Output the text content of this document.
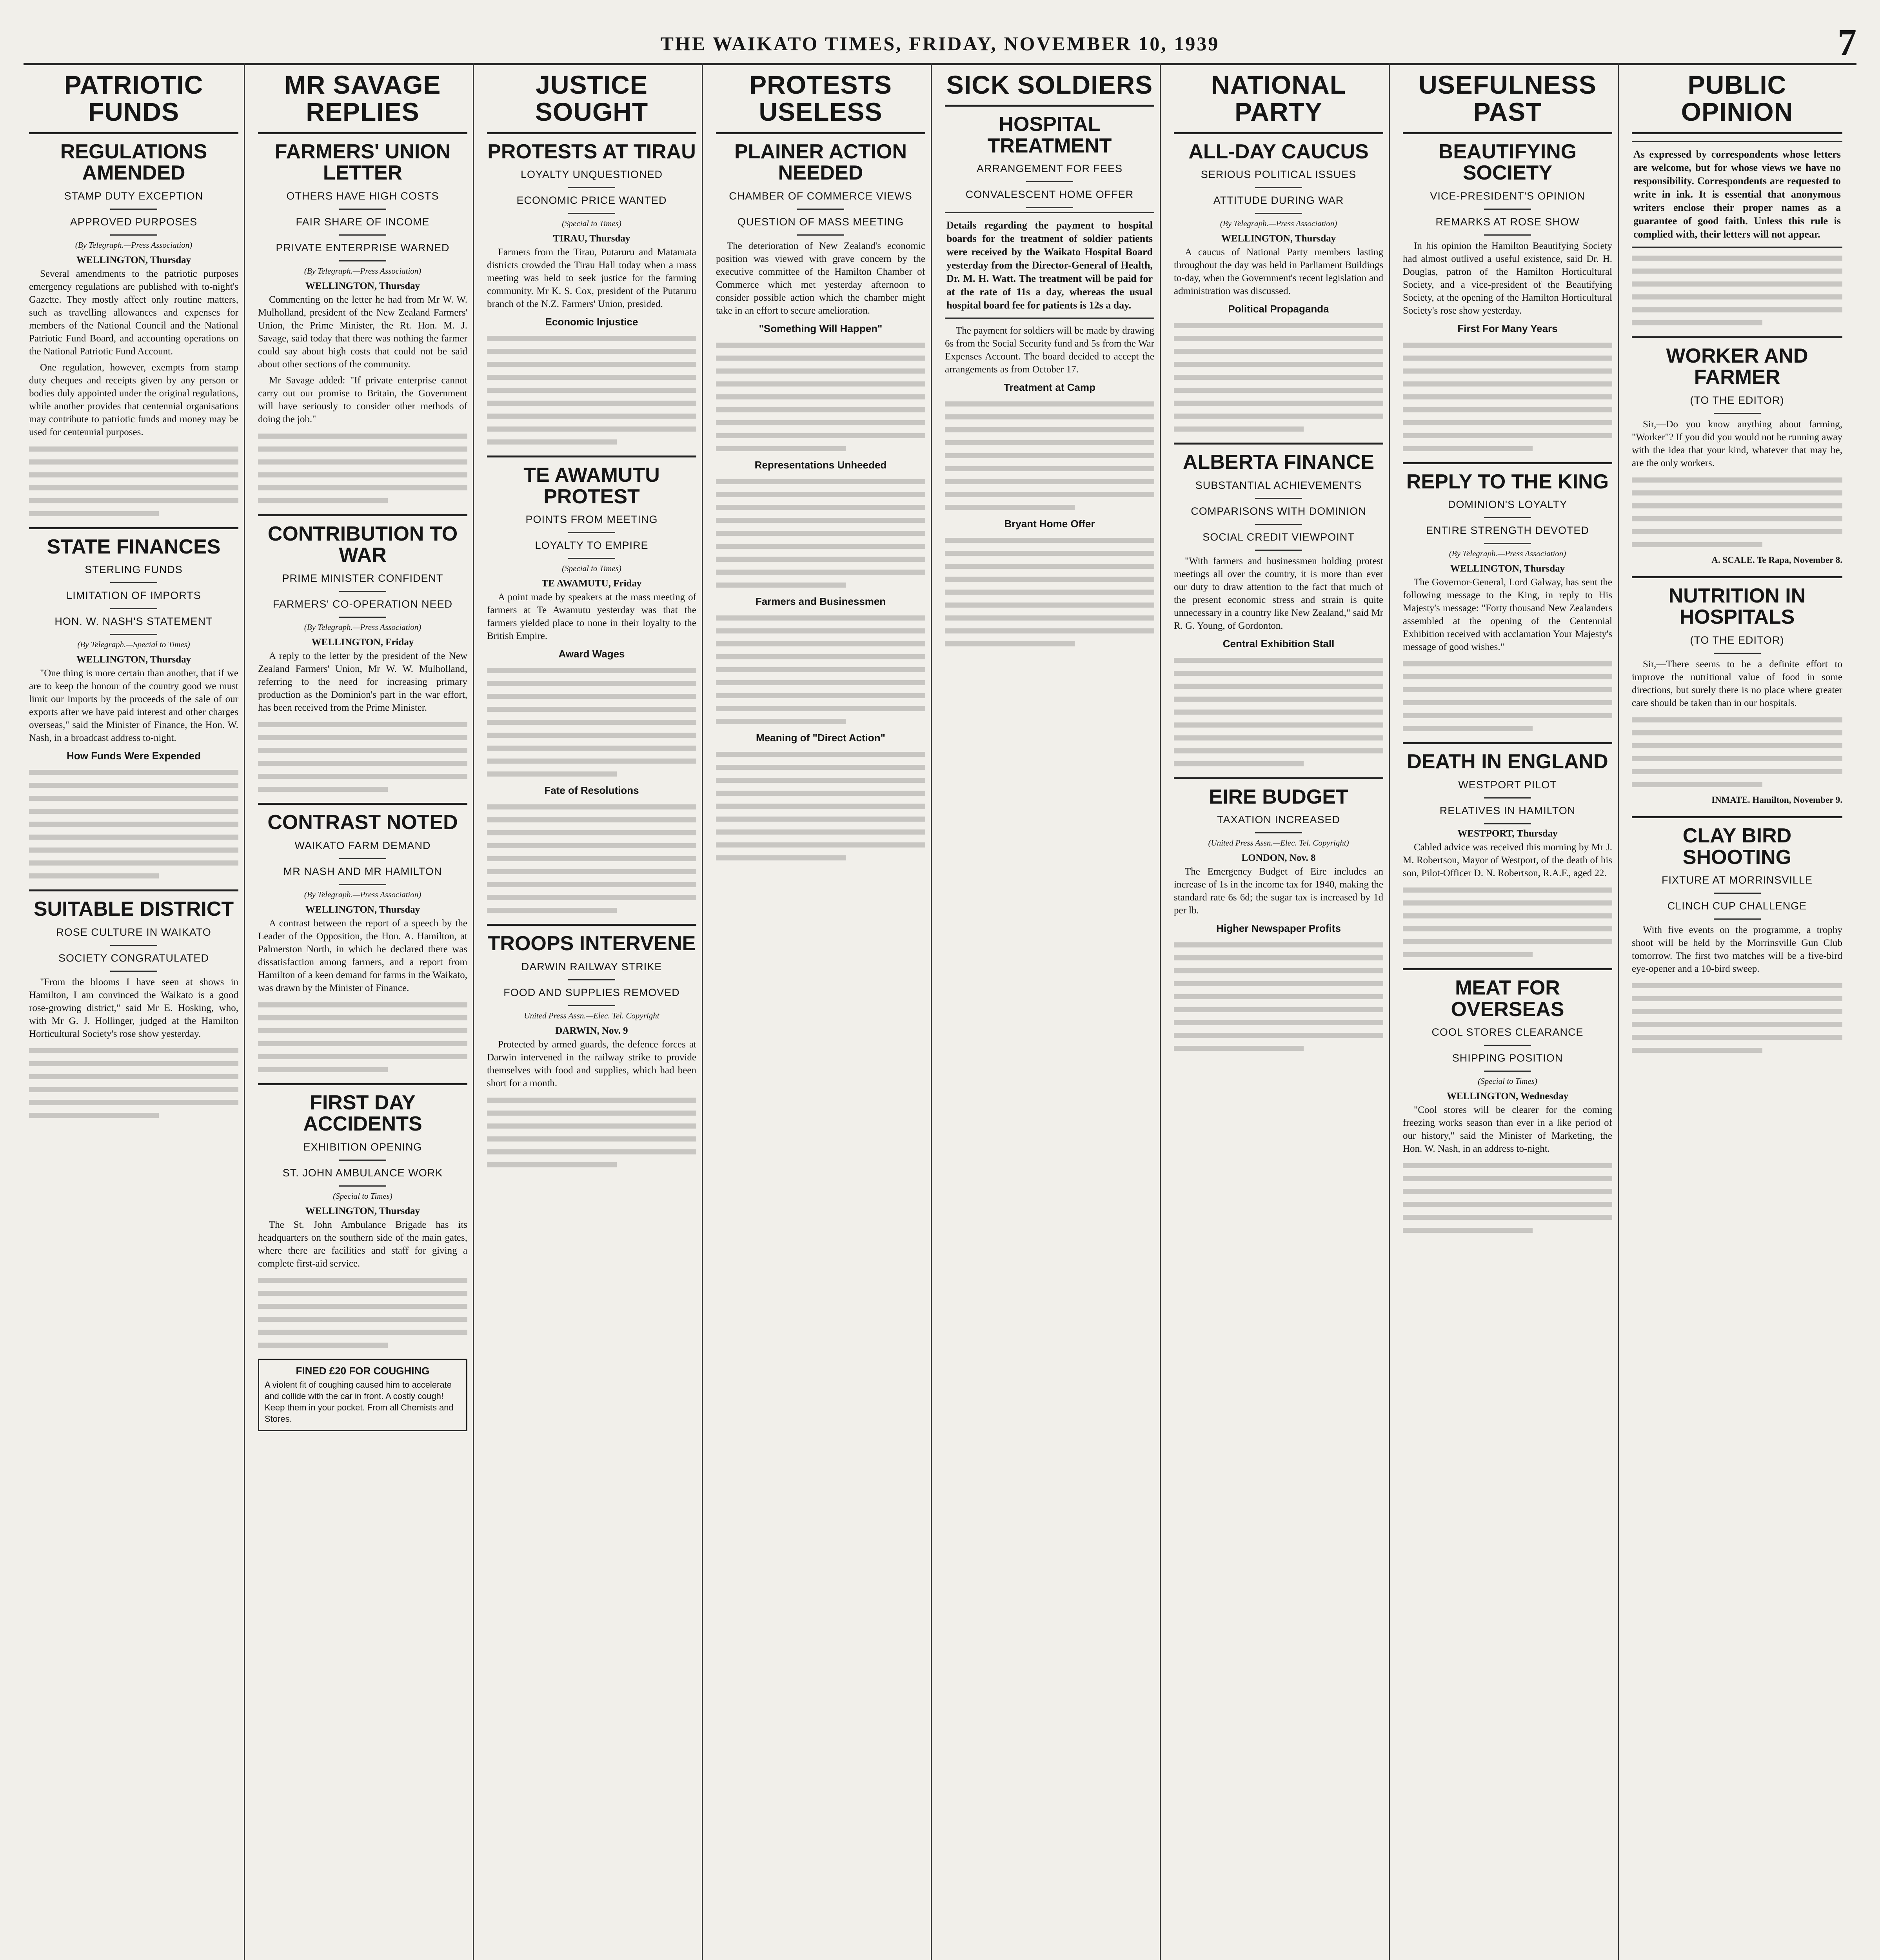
THE WAIKATO TIMES, FRIDAY, NOVEMBER 10, 1939	7
PATRIOTIC FUNDS
REGULATIONS AMENDED
STAMP DUTY EXCEPTION
APPROVED PURPOSES
(By Telegraph.—Press Association)
WELLINGTON, Thursday

Several amendments to the patriotic purposes emergency regulations are published with to-night's Gazette. They mostly affect only routine matters, such as travelling allowances and expenses for members of the National Council and the National Patriotic Fund Board, and accounting operations on the National Patriotic Fund Account.

One regulation, however, exempts from stamp duty cheques and receipts given by any person or bodies duly appointed under the original regulations, while another provides that centennial organisations may contribute to patriotic funds and money may be used for centennial purposes.

STATE FINANCES
STERLING FUNDS
LIMITATION OF IMPORTS
HON. W. NASH'S STATEMENT
(By Telegraph.—Special to Times)
WELLINGTON, Thursday

"One thing is more certain than another, that if we are to keep the honour of the country good we must limit our imports by the proceeds of the sale of our exports after we have paid interest and other charges overseas," said the Minister of Finance, the Hon. W. Nash, in a broadcast address to-night.

How Funds Were Expended
SUITABLE DISTRICT
ROSE CULTURE IN WAIKATO
SOCIETY CONGRATULATED

"From the blooms I have seen at shows in Hamilton, I am convinced the Waikato is a good rose-growing district," said Mr E. Hosking, who, with Mr G. J. Hollinger, judged at the Hamilton Horticultural Society's rose show yesterday.

MR SAVAGE REPLIES
FARMERS' UNION LETTER
OTHERS HAVE HIGH COSTS
FAIR SHARE OF INCOME
PRIVATE ENTERPRISE WARNED
(By Telegraph.—Press Association)
WELLINGTON, Thursday

Commenting on the letter he had from Mr W. W. Mulholland, president of the New Zealand Farmers' Union, the Prime Minister, the Rt. Hon. M. J. Savage, said today that there was nothing the farmer could say about high costs that could not be said about other sections of the community.

Mr Savage added: "If private enterprise cannot carry out our promise to Britain, the Government will have seriously to consider other methods of doing the job."

CONTRIBUTION TO WAR
PRIME MINISTER CONFIDENT
FARMERS' CO-OPERATION NEED
(By Telegraph.—Press Association)
WELLINGTON, Friday

A reply to the letter by the president of the New Zealand Farmers' Union, Mr W. W. Mulholland, referring to the need for increasing primary production as the Dominion's part in the war effort, has been received from the Prime Minister.

CONTRAST NOTED
WAIKATO FARM DEMAND
MR NASH AND MR HAMILTON
(By Telegraph.—Press Association)
WELLINGTON, Thursday

A contrast between the report of a speech by the Leader of the Opposition, the Hon. A. Hamilton, at Palmerston North, in which he declared there was dissatisfaction among farmers, and a report from Hamilton of a keen demand for farms in the Waikato, was drawn by the Minister of Finance.

FIRST DAY ACCIDENTS
EXHIBITION OPENING
ST. JOHN AMBULANCE WORK
(Special to Times)
WELLINGTON, Thursday

The St. John Ambulance Brigade has its headquarters on the southern side of the main gates, where there are facilities and staff for giving a complete first-aid service.

FINED £20 FOR COUGHING
A violent fit of coughing caused him to accelerate and collide with the car in front. A costly cough! Keep them in your pocket. From all Chemists and Stores.
JUSTICE SOUGHT
PROTESTS AT TIRAU
LOYALTY UNQUESTIONED
ECONOMIC PRICE WANTED
(Special to Times)
TIRAU, Thursday

Farmers from the Tirau, Putaruru and Matamata districts crowded the Tirau Hall today when a mass meeting was held to seek justice for the farming community. Mr K. S. Cox, president of the Putaruru branch of the N.Z. Farmers' Union, presided.

Economic Injustice
TE AWAMUTU PROTEST
POINTS FROM MEETING
LOYALTY TO EMPIRE
(Special to Times)
TE AWAMUTU, Friday

A point made by speakers at the mass meeting of farmers at Te Awamutu yesterday was that the farmers yielded place to none in their loyalty to the British Empire.

Award Wages
Fate of Resolutions
TROOPS INTERVENE
DARWIN RAILWAY STRIKE
FOOD AND SUPPLIES REMOVED
United Press Assn.—Elec. Tel. Copyright
DARWIN, Nov. 9

Protected by armed guards, the defence forces at Darwin intervened in the railway strike to provide themselves with food and supplies, which had been short for a month.

PROTESTS USELESS
PLAINER ACTION NEEDED
CHAMBER OF COMMERCE VIEWS
QUESTION OF MASS MEETING

The deterioration of New Zealand's economic position was viewed with grave concern by the executive committee of the Hamilton Chamber of Commerce which met yesterday afternoon to consider possible action which the chamber might take in an effort to secure amelioration.

"Something Will Happen"
Representations Unheeded
Farmers and Businessmen
Meaning of "Direct Action"
SICK SOLDIERS
HOSPITAL TREATMENT
ARRANGEMENT FOR FEES
CONVALESCENT HOME OFFER
Details regarding the payment to hospital boards for the treatment of soldier patients were received by the Waikato Hospital Board yesterday from the Director-General of Health, Dr. M. H. Watt. The treatment will be paid for at the rate of 11s a day, whereas the usual hospital board fee for patients is 12s a day.

The payment for soldiers will be made by drawing 6s from the Social Security fund and 5s from the War Expenses Account. The board decided to accept the arrangements as from October 17.

Treatment at Camp
Bryant Home Offer
NATIONAL PARTY
ALL-DAY CAUCUS
SERIOUS POLITICAL ISSUES
ATTITUDE DURING WAR
(By Telegraph.—Press Association)
WELLINGTON, Thursday

A caucus of National Party members lasting throughout the day was held in Parliament Buildings to-day, when the Government's recent legislation and administration was discussed.

Political Propaganda
ALBERTA FINANCE
SUBSTANTIAL ACHIEVEMENTS
COMPARISONS WITH DOMINION
SOCIAL CREDIT VIEWPOINT

"With farmers and businessmen holding protest meetings all over the country, it is more than ever our duty to draw attention to the fact that much of the present economic stress and strain is quite unnecessary in a country like New Zealand," said Mr R. G. Young, of Gordonton.

Central Exhibition Stall
EIRE BUDGET
TAXATION INCREASED
(United Press Assn.—Elec. Tel. Copyright)
LONDON, Nov. 8

The Emergency Budget of Eire includes an increase of 1s in the income tax for 1940, making the standard rate 6s 6d; the sugar tax is increased by 1d per lb.

Higher Newspaper Profits
USEFULNESS PAST
BEAUTIFYING SOCIETY
VICE-PRESIDENT'S OPINION
REMARKS AT ROSE SHOW

In his opinion the Hamilton Beautifying Society had almost outlived a useful existence, said Dr. H. Douglas, patron of the Hamilton Horticultural Society, and a vice-president of the Beautifying Society, at the opening of the Hamilton Horticultural Society's rose show yesterday.

First For Many Years
REPLY TO THE KING
DOMINION'S LOYALTY
ENTIRE STRENGTH DEVOTED
(By Telegraph.—Press Association)
WELLINGTON, Thursday

The Governor-General, Lord Galway, has sent the following message to the King, in reply to His Majesty's message: "Forty thousand New Zealanders assembled at the opening of the Centennial Exhibition received with acclamation Your Majesty's message of good wishes."

DEATH IN ENGLAND
WESTPORT PILOT
RELATIVES IN HAMILTON
WESTPORT, Thursday

Cabled advice was received this morning by Mr J. M. Robertson, Mayor of Westport, of the death of his son, Pilot-Officer D. N. Robertson, R.A.F., aged 22.

MEAT FOR OVERSEAS
COOL STORES CLEARANCE
SHIPPING POSITION
(Special to Times)
WELLINGTON, Wednesday

"Cool stores will be clearer for the coming freezing works season than ever in a like period of our history," said the Minister of Marketing, the Hon. W. Nash, in an address to-night.

PUBLIC OPINION
As expressed by correspondents whose letters are welcome, but for whose views we have no responsibility. Correspondents are requested to write in ink. It is essential that anonymous writers enclose their proper names as a guarantee of good faith. Unless this rule is complied with, their letters will not appear.
WORKER AND FARMER
(TO THE EDITOR)

Sir,—Do you know anything about farming, "Worker"? If you did you would not be running away with the idea that your kind, whatever that may be, are the only workers.

A. SCALE. Te Rapa, November 8.
NUTRITION IN HOSPITALS
(TO THE EDITOR)

Sir,—There seems to be a definite effort to improve the nutritional value of food in some directions, but surely there is no place where greater care should be taken than in our hospitals.

INMATE. Hamilton, November 9.
CLAY BIRD SHOOTING
FIXTURE AT MORRINSVILLE
CLINCH CUP CHALLENGE

With five events on the programme, a trophy shoot will be held by the Morrinsville Gun Club tomorrow. The first two matches will be a five-bird eye-opener and a 10-bird sweep.
